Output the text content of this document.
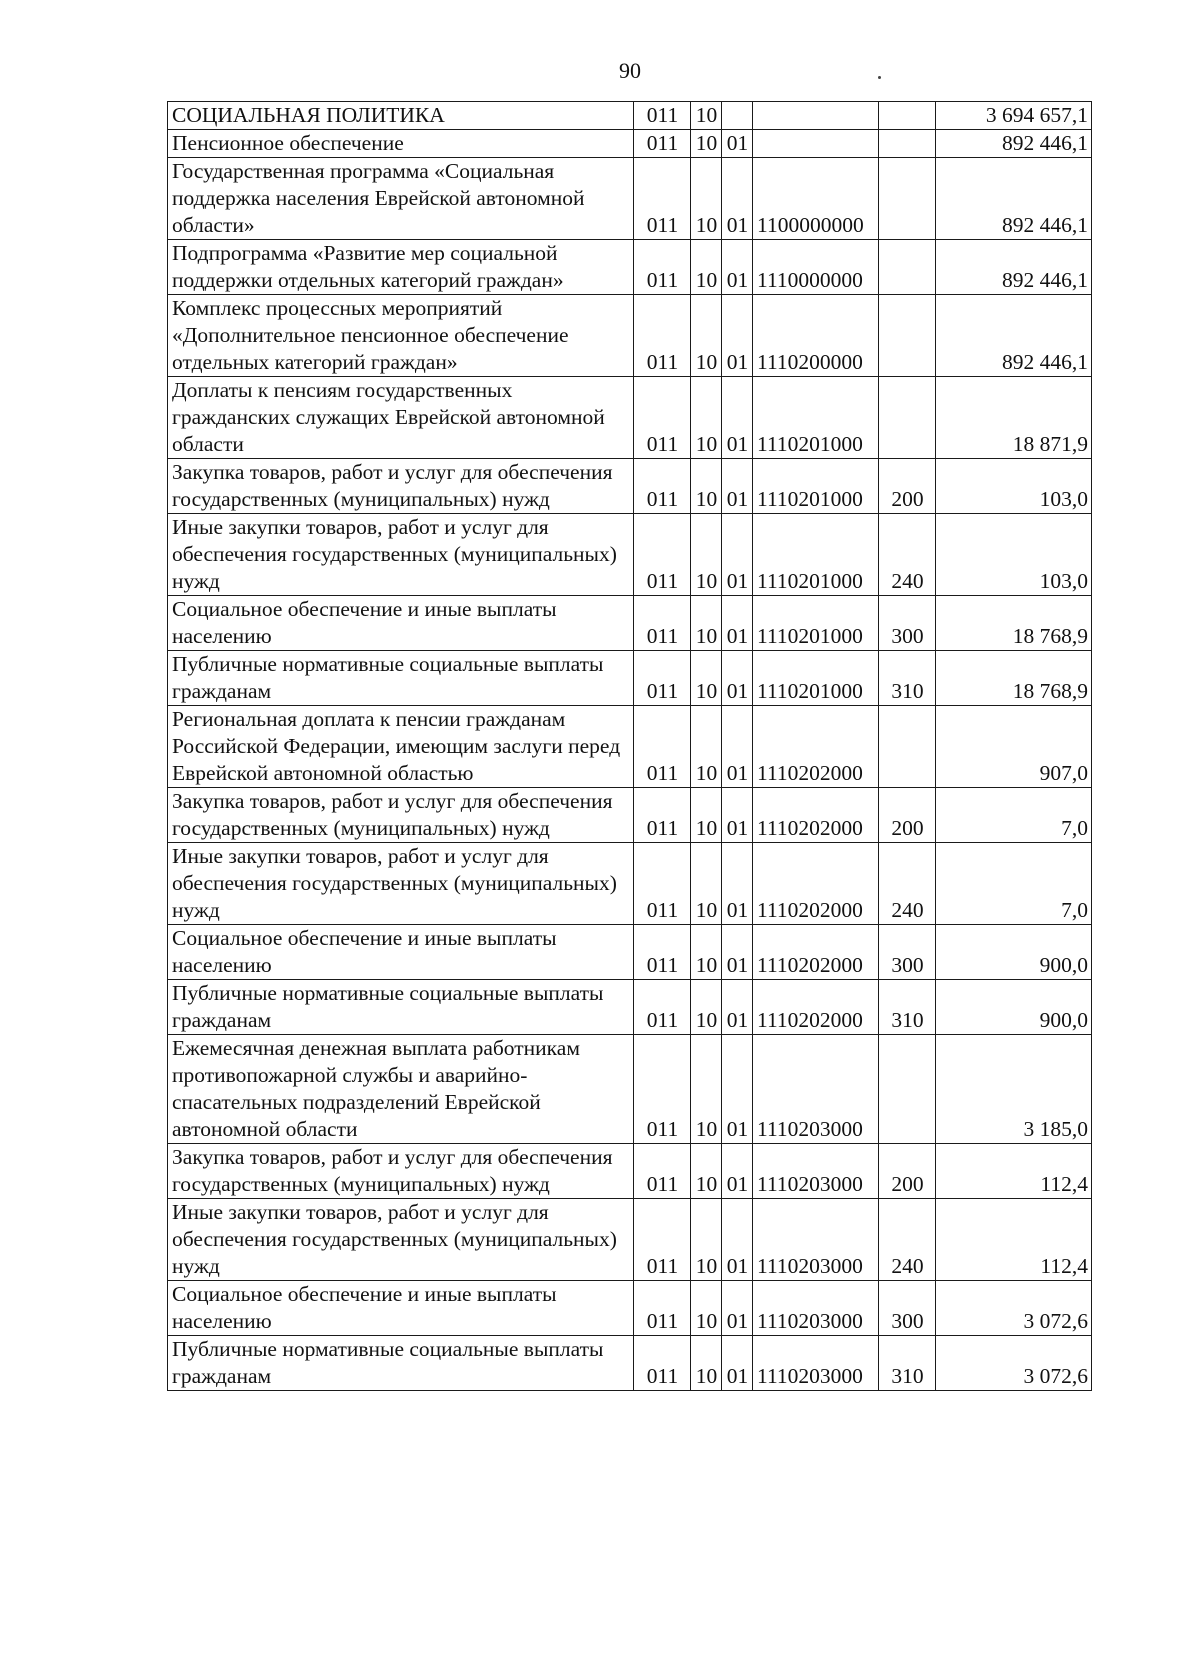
90
СОЦИАЛЬНАЯ ПОЛИТИКА	011	10				3 694 657,1
Пенсионное обеспечение	011	10	01			892 446,1
Государственная программа «Социальная поддержка населения Еврейской автономной области»	011	10	01	1100000000		892 446,1
Подпрограмма «Развитие мер социальной поддержки отдельных категорий граждан»	011	10	01	1110000000		892 446,1
Комплекс процессных мероприятий «Дополнительное пенсионное обеспечение отдельных категорий граждан»	011	10	01	1110200000		892 446,1
Доплаты к пенсиям государственных гражданских служащих Еврейской автономной области	011	10	01	1110201000		18 871,9
Закупка товаров, работ и услуг для обеспечения государственных (муниципальных) нужд	011	10	01	1110201000	200	103,0
Иные закупки товаров, работ и услуг для обеспечения государственных (муниципальных) нужд	011	10	01	1110201000	240	103,0
Социальное обеспечение и иные выплаты населению	011	10	01	1110201000	300	18 768,9
Публичные нормативные социальные выплаты гражданам	011	10	01	1110201000	310	18 768,9
Региональная доплата к пенсии гражданам Российской Федерации, имеющим заслуги перед Еврейской автономной областью	011	10	01	1110202000		907,0
Закупка товаров, работ и услуг для обеспечения государственных (муниципальных) нужд	011	10	01	1110202000	200	7,0
Иные закупки товаров, работ и услуг для обеспечения государственных (муниципальных) нужд	011	10	01	1110202000	240	7,0
Социальное обеспечение и иные выплаты населению	011	10	01	1110202000	300	900,0
Публичные нормативные социальные выплаты гражданам	011	10	01	1110202000	310	900,0
Ежемесячная денежная выплата работникам противопожарной службы и аварийно-спасательных подразделений Еврейской автономной области	011	10	01	1110203000		3 185,0
Закупка товаров, работ и услуг для обеспечения государственных (муниципальных) нужд	011	10	01	1110203000	200	112,4
Иные закупки товаров, работ и услуг для обеспечения государственных (муниципальных) нужд	011	10	01	1110203000	240	112,4
Социальное обеспечение и иные выплаты населению	011	10	01	1110203000	300	3 072,6
Публичные нормативные социальные выплаты гражданам	011	10	01	1110203000	310	3 072,6
